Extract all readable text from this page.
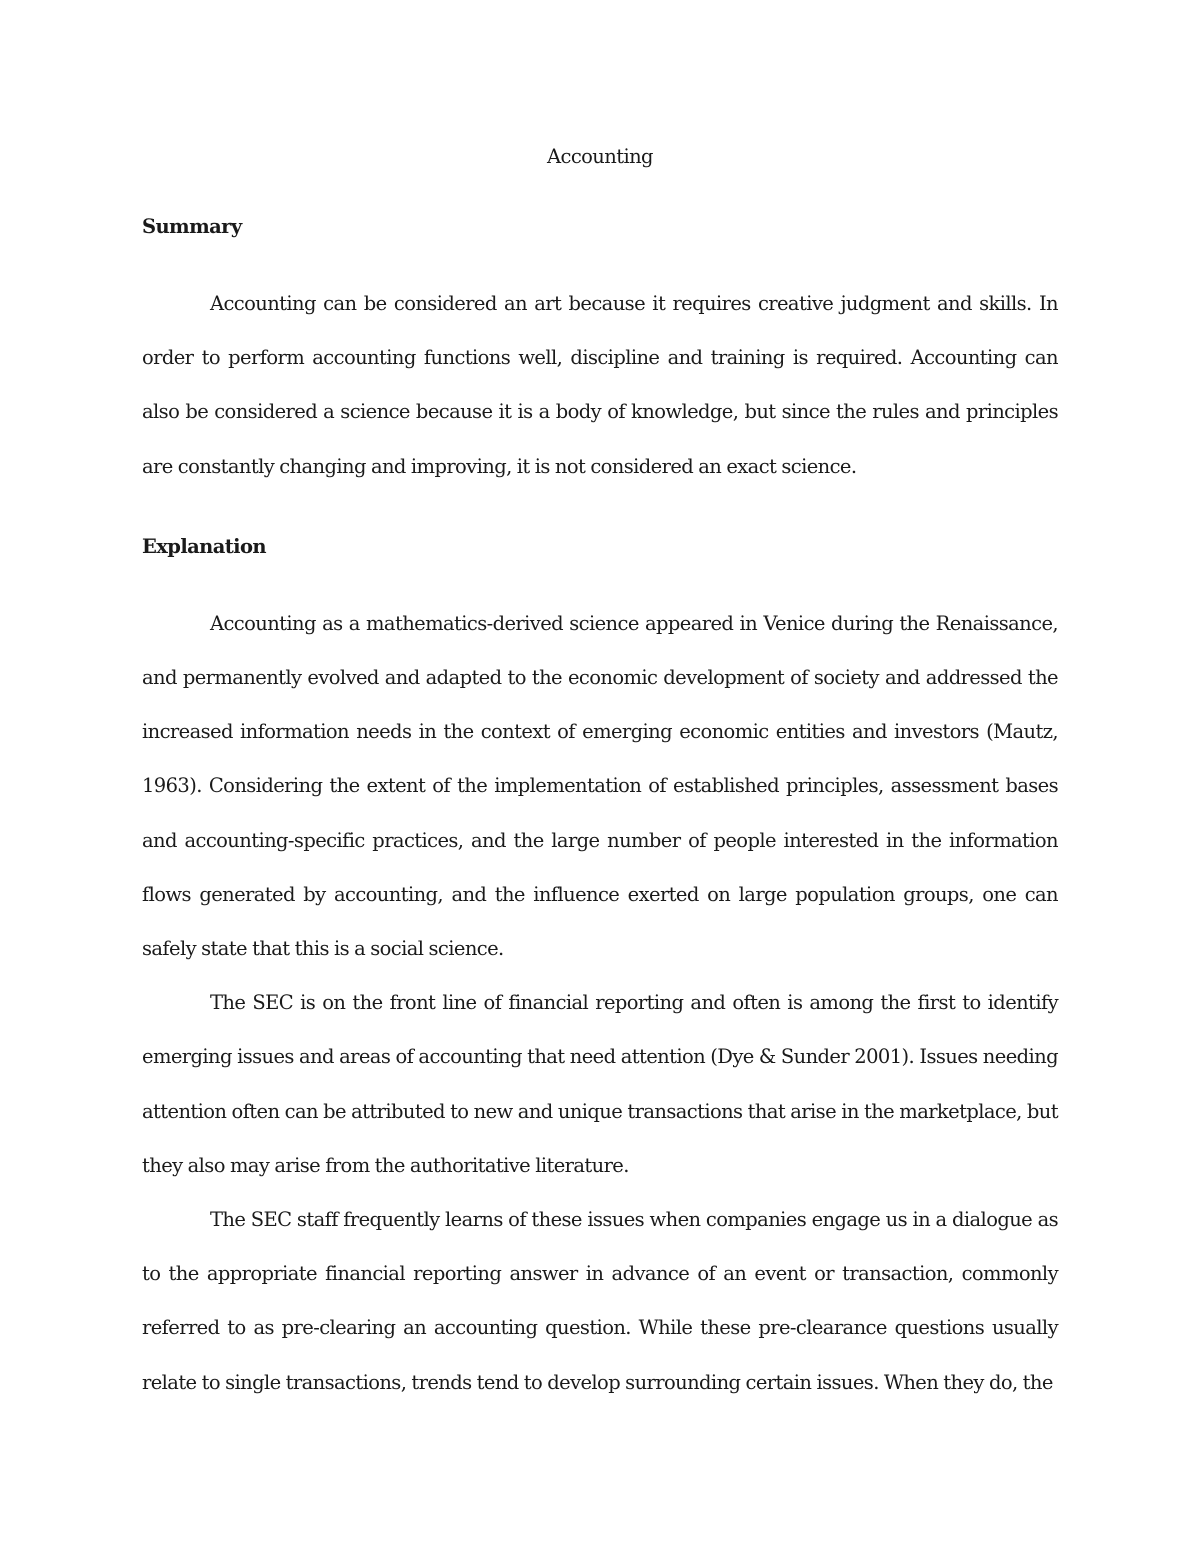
Accounting
Summary

Accounting can be considered an art because it requires creative judgment and skills. In order to perform accounting functions well, discipline and training is required. Accounting can also be considered a science because it is a body of knowledge, but since the rules and principles are constantly changing and improving, it is not considered an exact science.

Explanation

Accounting as a mathematics-derived science appeared in Venice during the Renaissance, and permanently evolved and adapted to the economic development of society and addressed the increased information needs in the context of emerging economic entities and investors (Mautz, 1963). Considering the extent of the implementation of established principles, assessment bases and accounting-specific practices, and the large number of people interested in the information flows generated by accounting, and the influence exerted on large population groups, one can safely state that this is a social science.

The SEC is on the front line of financial reporting and often is among the first to identify emerging issues and areas of accounting that need attention (Dye & Sunder 2001). Issues needing attention often can be attributed to new and unique transactions that arise in the marketplace, but they also may arise from the authoritative literature.

The SEC staff frequently learns of these issues when companies engage us in a dialogue as to the appropriate financial reporting answer in advance of an event or transaction, commonly referred to as pre-clearing an accounting question. While these pre-clearance questions usually relate to single transactions, trends tend to develop surrounding certain issues. When they do, the
